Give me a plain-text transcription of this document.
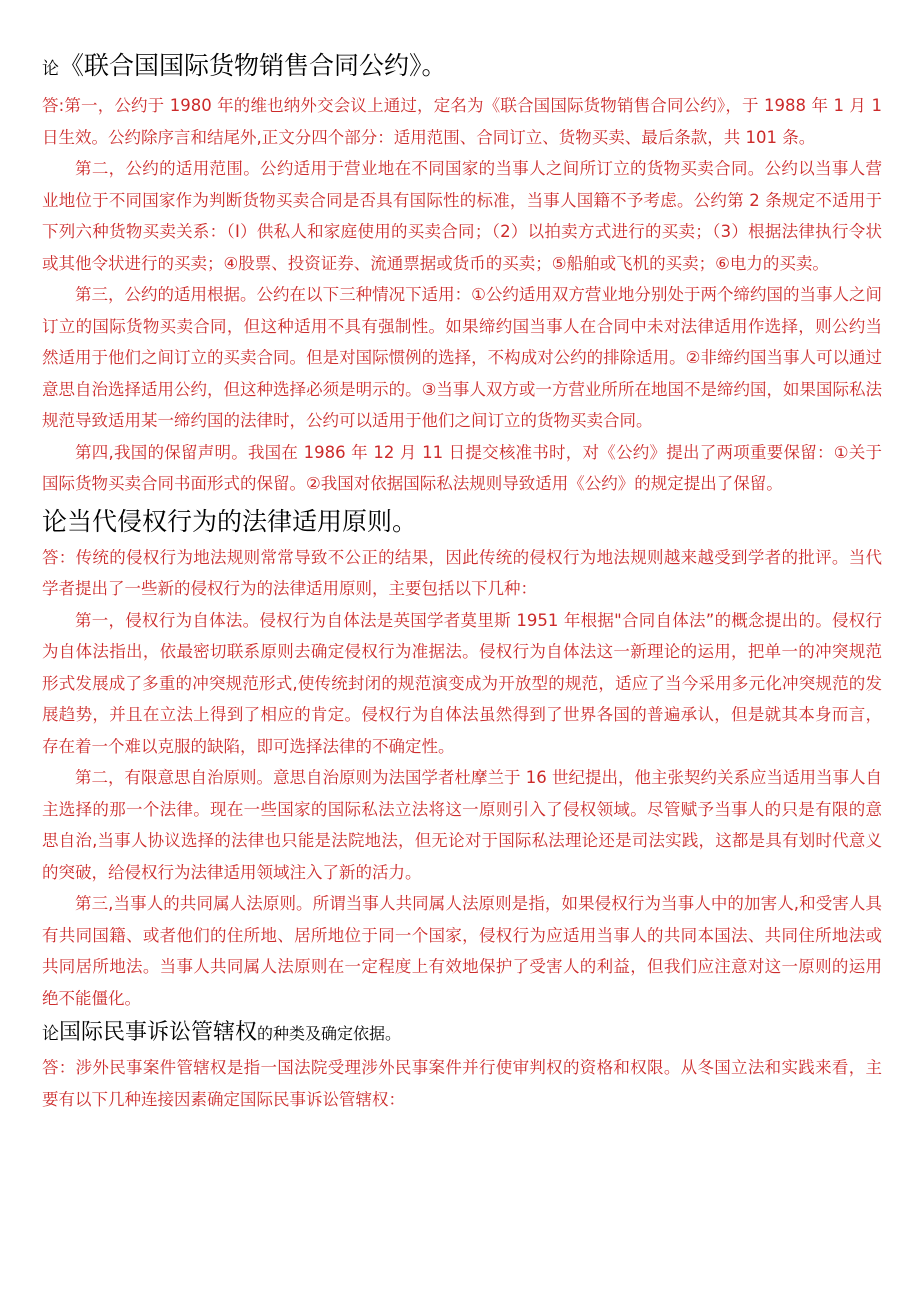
论《联合国国际货物销售合同公约》。

答:第一，公约于 1980 年的维也纳外交会议上通过，定名为《联合国国际货物销售合同公约》，于 1988 年 1 月 1 日生效。公约除序言和结尾外,正文分四个部分：适用范围、合同订立、货物买卖、最后条款，共 101 条。

第二，公约的适用范围。公约适用于营业地在不同国家的当事人之间所订立的货物买卖合同。公约以当事人营业地位于不同国家作为判断货物买卖合同是否具有国际性的标准，当事人国籍不予考虑。公约第 2 条规定不适用于下列六种货物买卖关系：（I）供私人和家庭使用的买卖合同；（2）以拍卖方式进行的买卖；（3）根据法律执行令状或其他令状进行的买卖；④股票、投资证券、流通票据或货币的买卖；⑤船舶或飞机的买卖；⑥电力的买卖。

第三，公约的适用根据。公约在以下三种情况下适用：①公约适用双方营业地分别处于两个缔约国的当事人之间订立的国际货物买卖合同，但这种适用不具有强制性。如果缔约国当事人在合同中未对法律适用作选择，则公约当然适用于他们之间订立的买卖合同。但是对国际惯例的选择，不构成对公约的排除适用。②非缔约国当事人可以通过意思自治选择适用公约，但这种选择必须是明示的。③当事人双方或一方营业所所在地国不是缔约国，如果国际私法规范导致适用某一缔约国的法律时，公约可以适用于他们之间订立的货物买卖合同。

第四,我国的保留声明。我国在 1986 年 12 月 11 日提交核准书时，对《公约》提出了两项重要保留：①关于国际货物买卖合同书面形式的保留。②我国对依据国际私法规则导致适用《公约》的规定提出了保留。

论当代侵权行为的法律适用原则。

答：传统的侵权行为地法规则常常导致不公正的结果，因此传统的侵权行为地法规则越来越受到学者的批评。当代学者提出了一些新的侵权行为的法律适用原则，主要包括以下几种：

第一，侵权行为自体法。侵权行为自体法是英国学者莫里斯 1951 年根据"合同自体法”的概念提出的。侵权行为自体法指出，依最密切联系原则去确定侵权行为准据法。侵权行为自体法这一新理论的运用，把单一的冲突规范形式发展成了多重的冲突规范形式,使传统封闭的规范演变成为开放型的规范，适应了当今采用多元化冲突规范的发展趋势，并且在立法上得到了相应的肯定。侵权行为自体法虽然得到了世界各国的普遍承认，但是就其本身而言，存在着一个难以克服的缺陷，即可选择法律的不确定性。

第二，有限意思自治原则。意思自治原则为法国学者杜摩兰于 16 世纪提出，他主张契约关系应当适用当事人自主选择的那一个法律。现在一些国家的国际私法立法将这一原则引入了侵权领域。尽管赋予当事人的只是有限的意思自治,当事人协议选择的法律也只能是法院地法，但无论对于国际私法理论还是司法实践，这都是具有划时代意义的突破，给侵权行为法律适用领域注入了新的活力。

第三,当事人的共同属人法原则。所谓当事人共同属人法原则是指，如果侵权行为当事人中的加害人,和受害人具有共同国籍、或者他们的住所地、居所地位于同一个国家，侵权行为应适用当事人的共同本国法、共同住所地法或共同居所地法。当事人共同属人法原则在一定程度上有效地保护了受害人的利益，但我们应注意对这一原则的运用绝不能僵化。

论国际民事诉讼管辖权的种类及确定依据。

答：涉外民事案件管辖权是指一国法院受理涉外民事案件并行使审判权的资格和权限。从冬国立法和实践来看，主要有以下几种连接因素确定国际民事诉讼管辖权：
